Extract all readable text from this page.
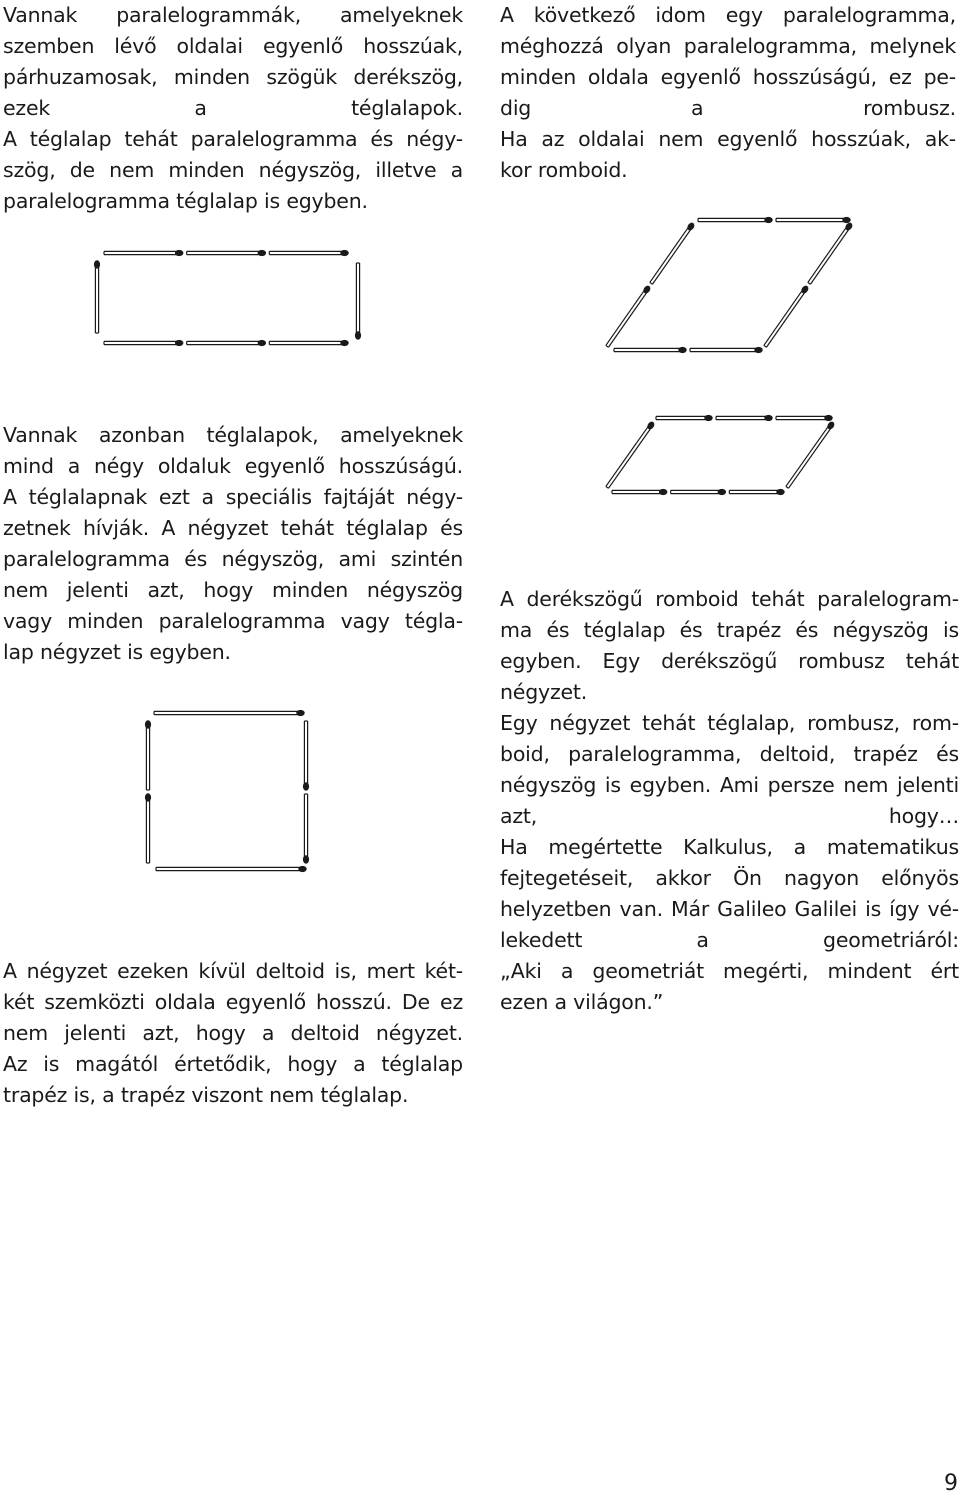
Vannak paralelogrammák, amelyeknek
szemben lévő oldalai egyenlő hosszúak,
párhuzamosak, minden szögük derékszög,
ezek a téglalapok.
A téglalap tehát paralelogramma és négy-
szög, de nem minden négyszög, illetve a
paralelogramma téglalap is egyben.
A következő idom egy paralelogramma,
méghozzá olyan paralelogramma, melynek
minden oldala egyenlő hosszúságú, ez pe-
dig a rombusz.
Ha az oldalai nem egyenlő hosszúak, ak-
kor romboid.
Vannak azonban téglalapok, amelyeknek
mind a négy oldaluk egyenlő hosszúságú.
A téglalapnak ezt a speciális fajtáját négy-
zetnek hívják. A négyzet tehát téglalap és
paralelogramma és négyszög, ami szintén
nem jelenti azt, hogy minden négyszög
vagy minden paralelogramma vagy tégla-
lap négyzet is egyben.
A derékszögű romboid tehát paralelogram-
ma és téglalap és trapéz és négyszög is
egyben. Egy derékszögű rombusz tehát
négyzet.
Egy négyzet tehát téglalap, rombusz, rom-
boid, paralelogramma, deltoid, trapéz és
négyszög is egyben. Ami persze nem jelenti
azt, hogy…
Ha megértette Kalkulus, a matematikus
fejtegetéseit, akkor Ön nagyon előnyös
helyzetben van. Már Galileo Galilei is így vé-
lekedett a geometriáról:
„Aki a geometriát megérti, mindent ért
ezen a világon.”
A négyzet ezeken kívül deltoid is, mert két-
két szemközti oldala egyenlő hosszú. De ez
nem jelenti azt, hogy a deltoid négyzet.
Az is magától értetődik, hogy a téglalap
trapéz is, a trapéz viszont nem téglalap.
9
